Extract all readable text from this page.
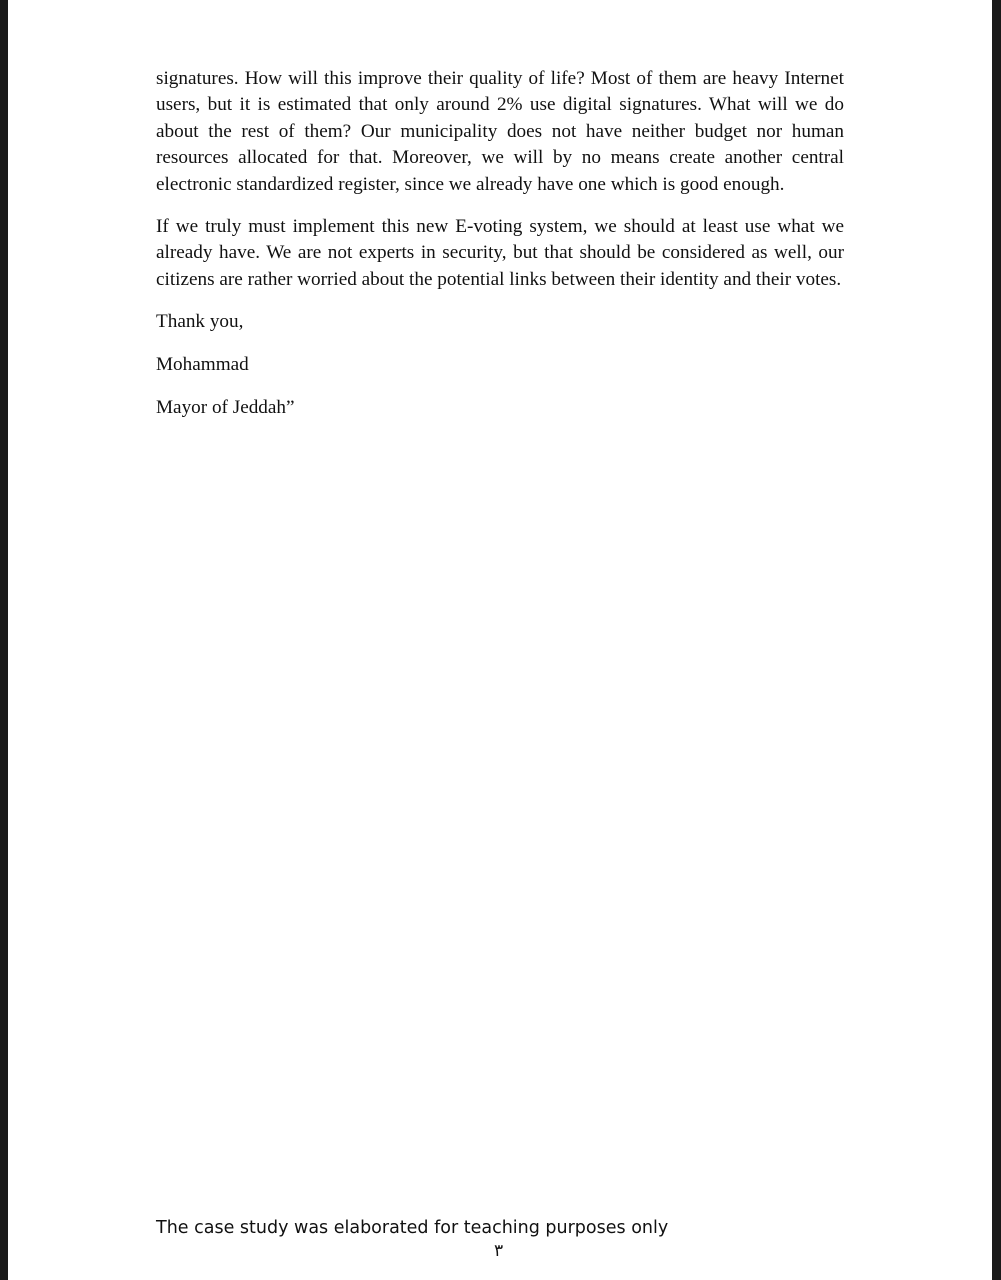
signatures. How will this improve their quality of life? Most of them are heavy Internet users, but it is estimated that only around 2% use digital signatures. What will we do about the rest of them? Our municipality does not have neither budget nor human resources allocated for that. Moreover, we will by no means create another central electronic standardized register, since we already have one which is good enough.

If we truly must implement this new E-voting system, we should at least use what we already have. We are not experts in security, but that should be considered as well, our citizens are rather worried about the potential links between their identity and their votes.

Thank you,

Mohammad

Mayor of Jeddah”

The case study was elaborated for teaching purposes only
٣
